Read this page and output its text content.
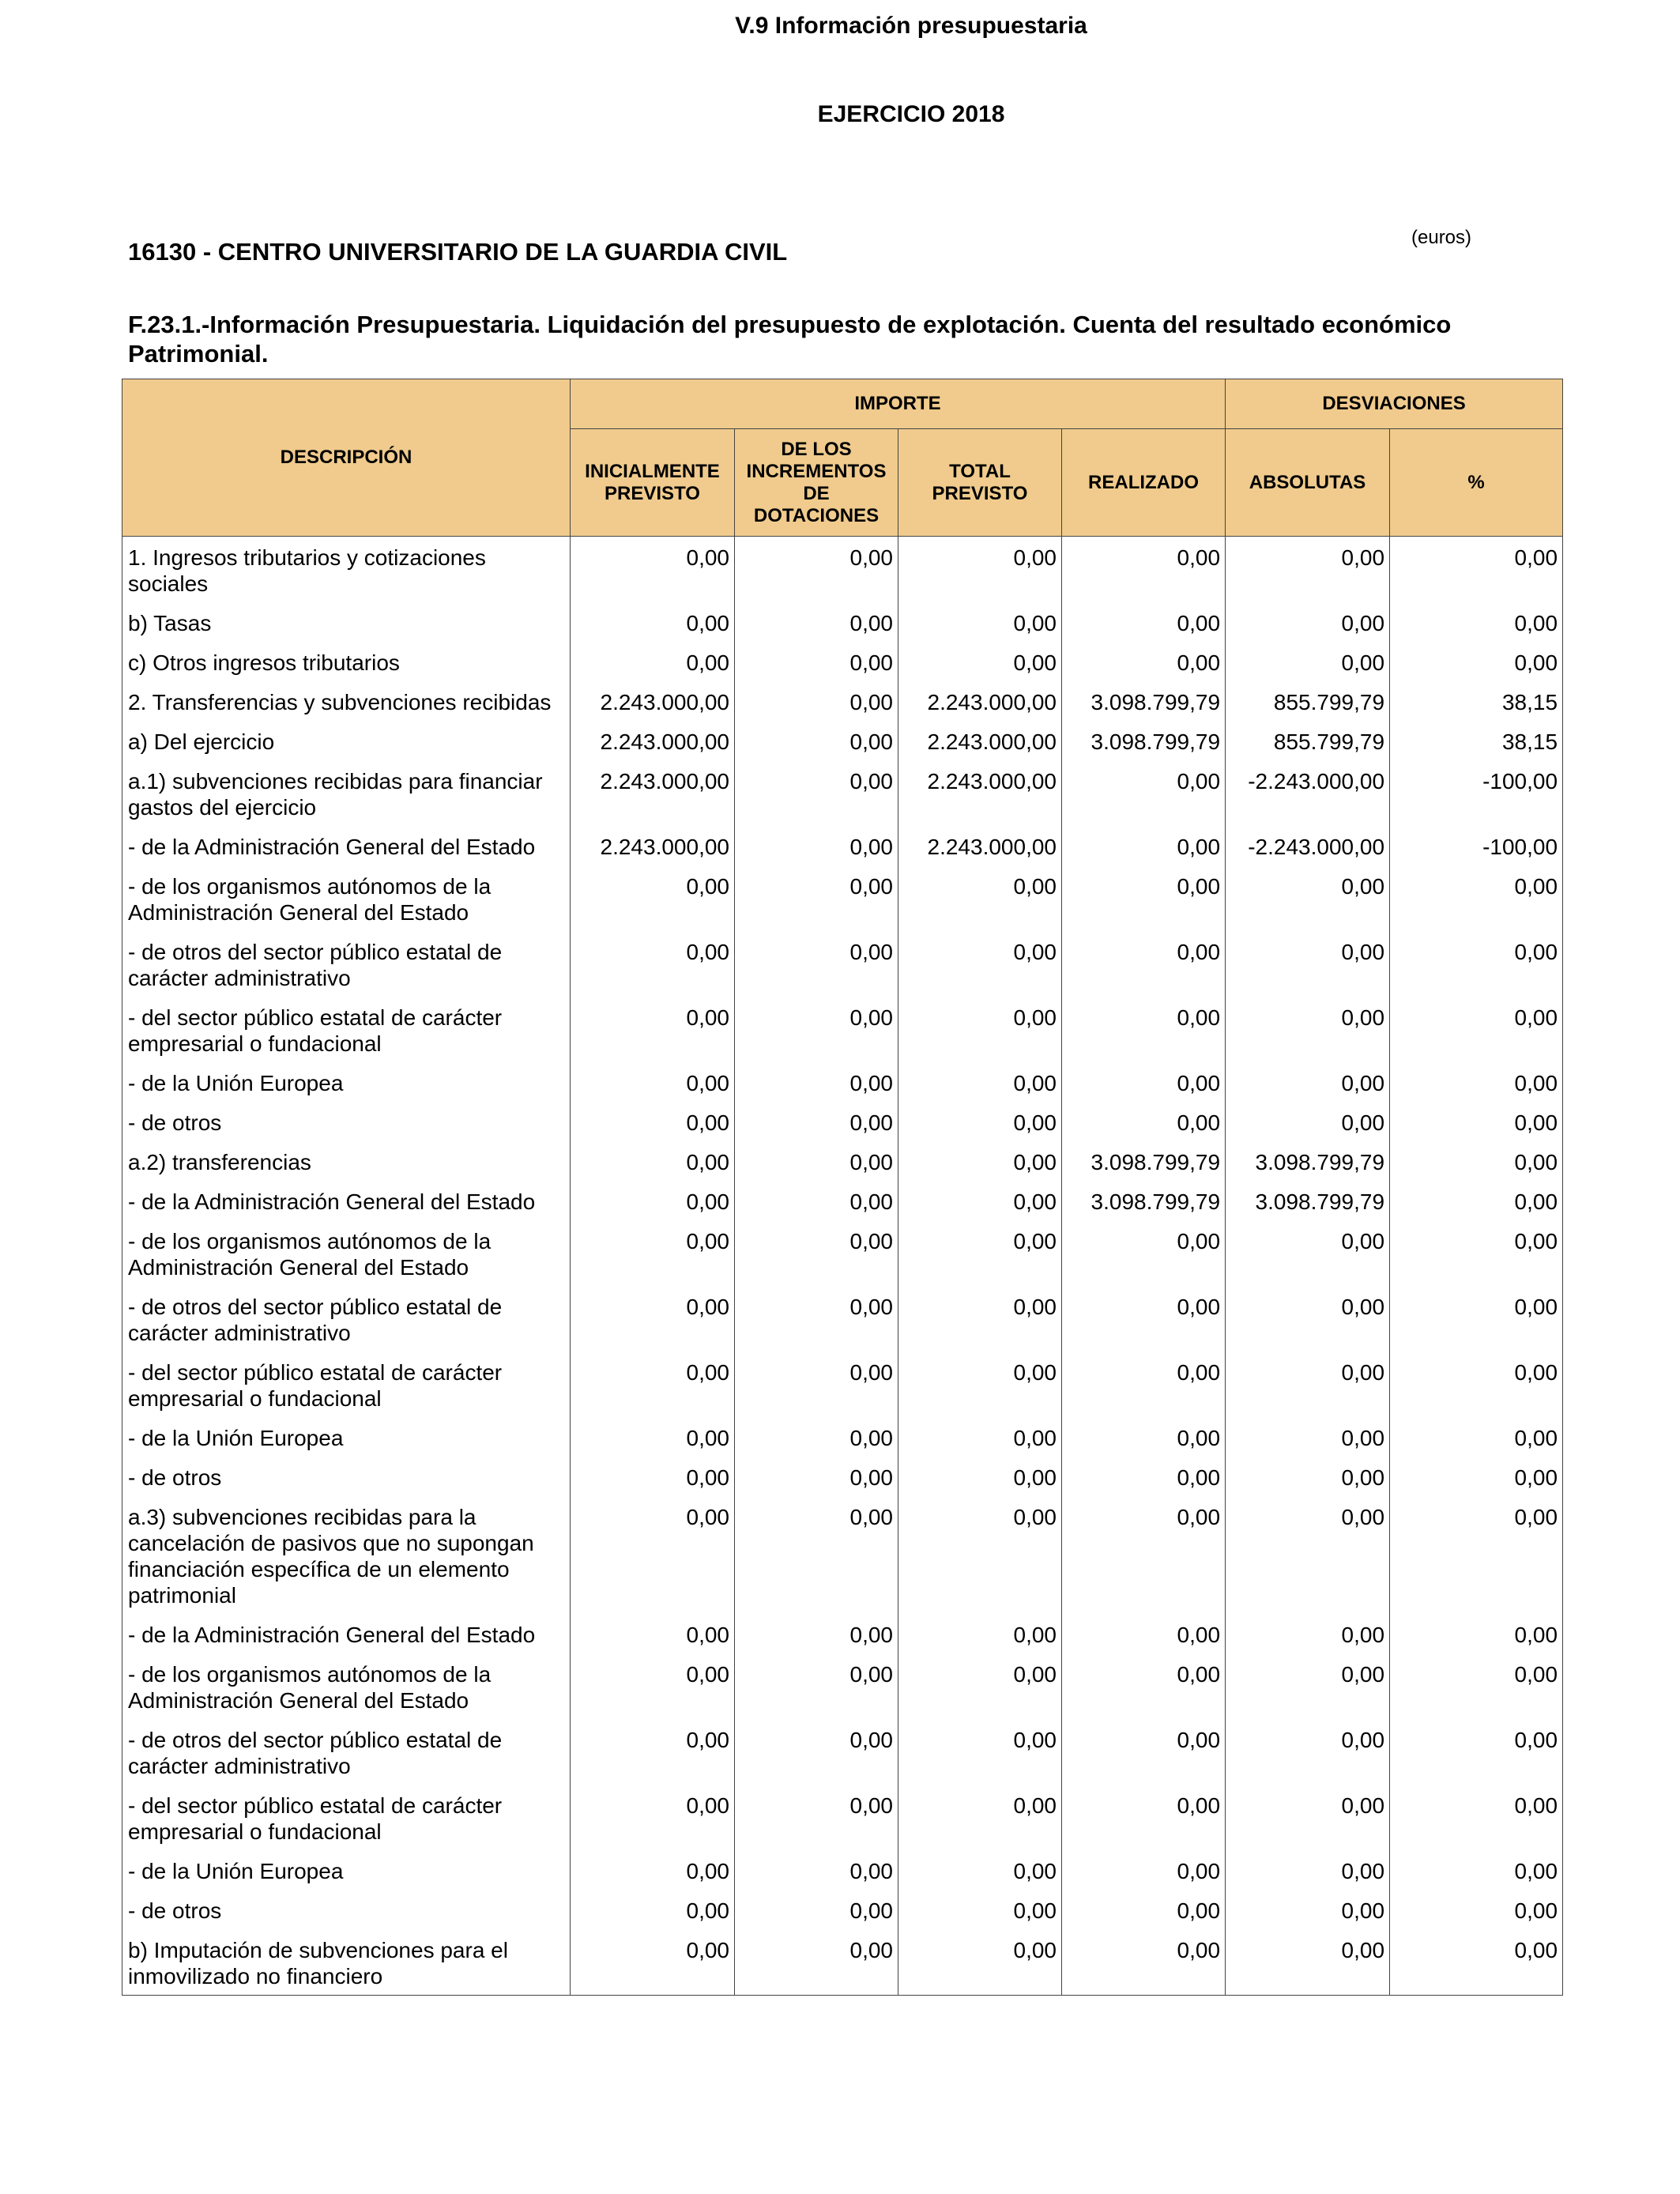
V.9 Información presupuestaria
EJERCICIO 2018
16130 - CENTRO UNIVERSITARIO DE LA GUARDIA CIVIL
(euros)
F.23.1.-Información Presupuestaria. Liquidación del presupuesto de explotación. Cuenta del resultado económico Patrimonial.
DESCRIPCIÓN	IMPORTE				DESVIACIONES	
	INICIALMENTE PREVISTO	DE LOS INCREMENTOS DE DOTACIONES	TOTAL PREVISTO	REALIZADO	ABSOLUTAS	%
1. Ingresos tributarios y cotizaciones sociales	0,00	0,00	0,00	0,00	0,00	0,00
b) Tasas	0,00	0,00	0,00	0,00	0,00	0,00
c) Otros ingresos tributarios	0,00	0,00	0,00	0,00	0,00	0,00
2. Transferencias y subvenciones recibidas	2.243.000,00	0,00	2.243.000,00	3.098.799,79	855.799,79	38,15
a) Del ejercicio	2.243.000,00	0,00	2.243.000,00	3.098.799,79	855.799,79	38,15
a.1) subvenciones recibidas para financiar gastos del ejercicio	2.243.000,00	0,00	2.243.000,00	0,00	-2.243.000,00	-100,00
- de la Administración General del Estado	2.243.000,00	0,00	2.243.000,00	0,00	-2.243.000,00	-100,00
- de los organismos autónomos de la Administración General del Estado	0,00	0,00	0,00	0,00	0,00	0,00
- de otros del sector público estatal de carácter administrativo	0,00	0,00	0,00	0,00	0,00	0,00
- del sector público estatal de carácter empresarial o fundacional	0,00	0,00	0,00	0,00	0,00	0,00
- de la Unión Europea	0,00	0,00	0,00	0,00	0,00	0,00
- de otros	0,00	0,00	0,00	0,00	0,00	0,00
a.2) transferencias	0,00	0,00	0,00	3.098.799,79	3.098.799,79	0,00
- de la Administración General del Estado	0,00	0,00	0,00	3.098.799,79	3.098.799,79	0,00
- de los organismos autónomos de la Administración General del Estado	0,00	0,00	0,00	0,00	0,00	0,00
- de otros del sector público estatal de carácter administrativo	0,00	0,00	0,00	0,00	0,00	0,00
- del sector público estatal de carácter empresarial o fundacional	0,00	0,00	0,00	0,00	0,00	0,00
- de la Unión Europea	0,00	0,00	0,00	0,00	0,00	0,00
- de otros	0,00	0,00	0,00	0,00	0,00	0,00
a.3) subvenciones recibidas para la cancelación de pasivos que no supongan financiación específica de un elemento patrimonial	0,00	0,00	0,00	0,00	0,00	0,00
- de la Administración General del Estado	0,00	0,00	0,00	0,00	0,00	0,00
- de los organismos autónomos de la Administración General del Estado	0,00	0,00	0,00	0,00	0,00	0,00
- de otros del sector público estatal de carácter administrativo	0,00	0,00	0,00	0,00	0,00	0,00
- del sector público estatal de carácter empresarial o fundacional	0,00	0,00	0,00	0,00	0,00	0,00
- de la Unión Europea	0,00	0,00	0,00	0,00	0,00	0,00
- de otros	0,00	0,00	0,00	0,00	0,00	0,00
b) Imputación de subvenciones para el inmovilizado no financiero	0,00	0,00	0,00	0,00	0,00	0,00
